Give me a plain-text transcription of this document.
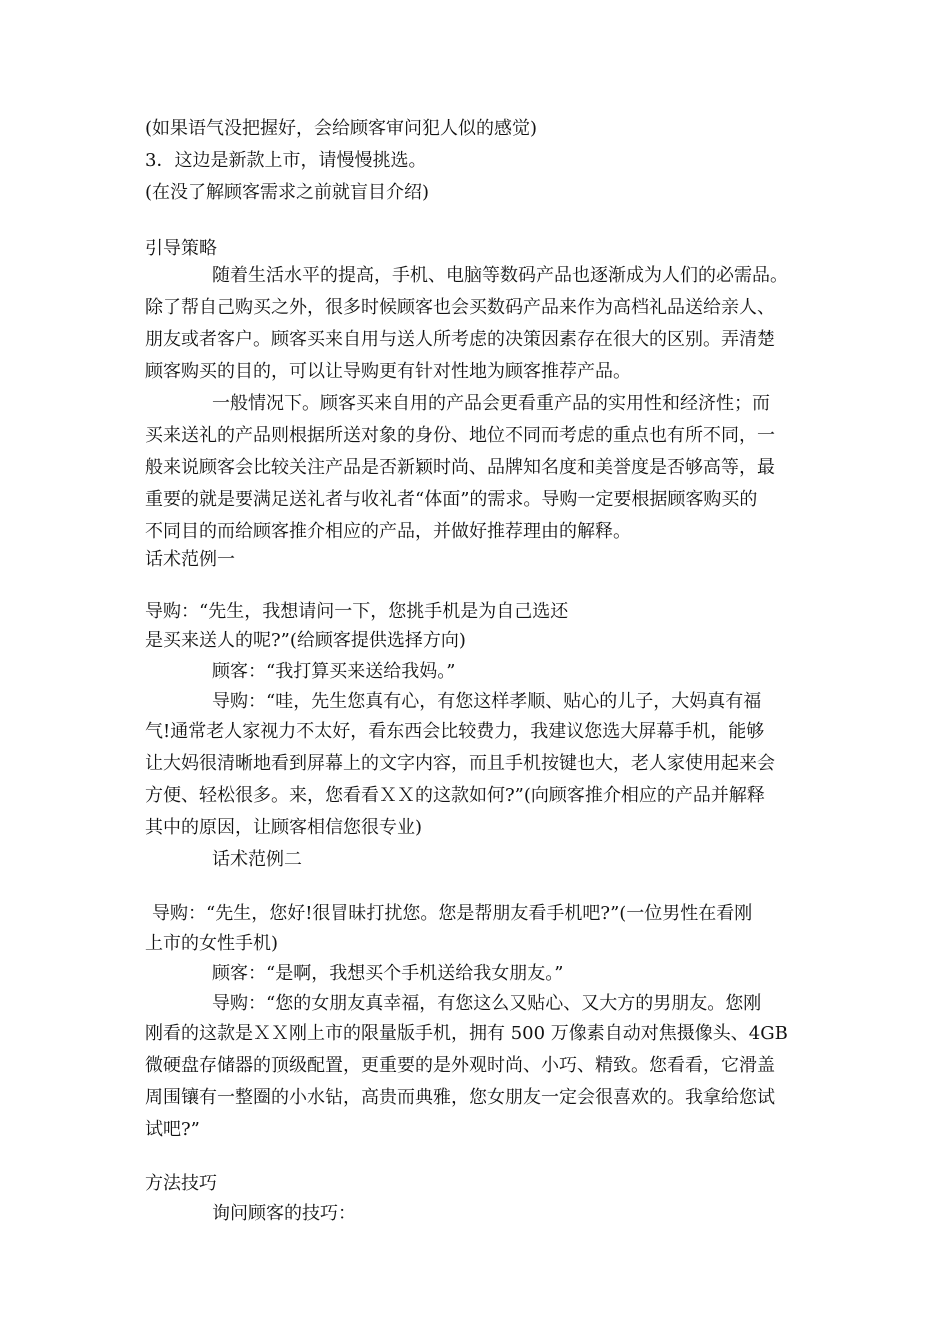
(如果语气没把握好，会给顾客审问犯人似的感觉)
3．这边是新款上市，请慢慢挑选。
(在没了解顾客需求之前就盲目介绍)
引导策略
随着生活水平的提高，手机、电脑等数码产品也逐渐成为人们的必需品。
除了帮自己购买之外，很多时候顾客也会买数码产品来作为高档礼品送给亲人、
朋友或者客户。顾客买来自用与送人所考虑的决策因素存在很大的区别。弄清楚
顾客购买的目的，可以让导购更有针对性地为顾客推荐产品。
一般情况下。顾客买来自用的产品会更看重产品的实用性和经济性；而
买来送礼的产品则根据所送对象的身份、地位不同而考虑的重点也有所不同，一
般来说顾客会比较关注产品是否新颖时尚、品牌知名度和美誉度是否够高等，最
重要的就是要满足送礼者与收礼者“体面”的需求。导购一定要根据顾客购买的
不同目的而给顾客推介相应的产品，并做好推荐理由的解释。
话术范例一
导购：“先生，我想请问一下，您挑手机是为自己选还
是买来送人的呢?”(给顾客提供选择方向)
顾客：“我打算买来送给我妈。”
导购：“哇，先生您真有心，有您这样孝顺、贴心的儿子，大妈真有福
气!通常老人家视力不太好，看东西会比较费力，我建议您选大屏幕手机，能够
让大妈很清晰地看到屏幕上的文字内容，而且手机按键也大，老人家使用起来会
方便、轻松很多。来，您看看ＸＸ的这款如何?”(向顾客推介相应的产品并解释
其中的原因，让顾客相信您很专业)
话术范例二
导购：“先生，您好!很冒昧打扰您。您是帮朋友看手机吧?”(一位男性在看刚
上市的女性手机)
顾客：“是啊，我想买个手机送给我女朋友。”
导购：“您的女朋友真幸福，有您这么又贴心、又大方的男朋友。您刚
刚看的这款是ＸＸ刚上市的限量版手机，拥有 500 万像素自动对焦摄像头、4GB
微硬盘存储器的顶级配置，更重要的是外观时尚、小巧、精致。您看看，它滑盖
周围镶有一整圈的小水钻，高贵而典雅，您女朋友一定会很喜欢的。我拿给您试
试吧?”
方法技巧
询问顾客的技巧：
